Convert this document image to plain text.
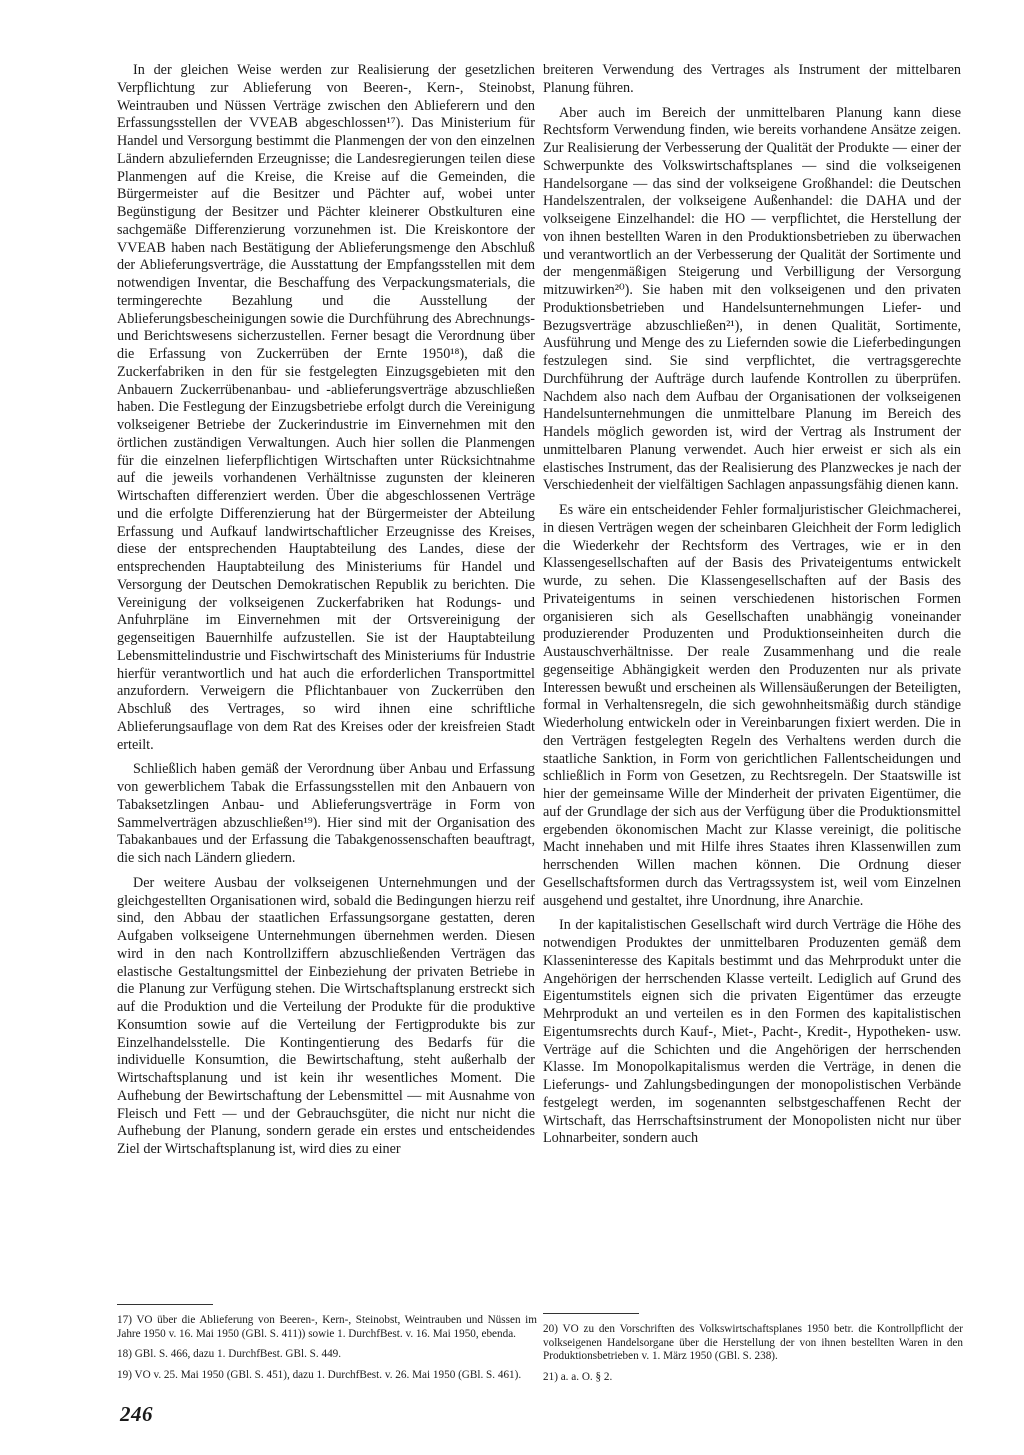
In der gleichen Weise werden zur Realisierung der gesetzlichen Verpflichtung zur Ablieferung von Beeren-, Kern-, Steinobst, Weintrauben und Nüssen Verträge zwischen den Ablieferern und den Erfassungsstellen der VVEAB abgeschlossen¹⁷). Das Ministerium für Handel und Versorgung bestimmt die Planmengen der von den einzelnen Ländern abzuliefernden Erzeugnisse; die Landesregierungen teilen diese Planmengen auf die Kreise, die Kreise auf die Gemeinden, die Bürgermeister auf die Besitzer und Pächter auf, wobei unter Begünstigung der Besitzer und Pächter kleinerer Obstkulturen eine sachgemäße Differenzierung vorzunehmen ist. Die Kreiskontore der VVEAB haben nach Bestätigung der Ablieferungsmenge den Abschluß der Ablieferungsverträge, die Ausstattung der Empfangsstellen mit dem notwendigen Inventar, die Beschaffung des Verpackungsmaterials, die termingerechte Bezahlung und die Ausstellung der Ablieferungsbescheinigungen sowie die Durchführung des Abrechnungs- und Berichtswesens sicherzustellen. Ferner besagt die Verordnung über die Erfassung von Zuckerrüben der Ernte 1950¹⁸), daß die Zuckerfabriken in den für sie festgelegten Einzugsgebieten mit den Anbauern Zuckerrübenanbau- und -ablieferungsverträge abzuschließen haben. Die Festlegung der Einzugsbetriebe erfolgt durch die Vereinigung volkseigener Betriebe der Zuckerindustrie im Einvernehmen mit den örtlichen zuständigen Verwaltungen. Auch hier sollen die Planmengen für die einzelnen lieferpflichtigen Wirtschaften unter Rücksichtnahme auf die jeweils vorhandenen Verhältnisse zugunsten der kleineren Wirtschaften differenziert werden. Über die abgeschlossenen Verträge und die erfolgte Differenzierung hat der Bürgermeister der Abteilung Erfassung und Aufkauf landwirtschaftlicher Erzeugnisse des Kreises, diese der entsprechenden Hauptabteilung des Landes, diese der entsprechenden Hauptabteilung des Ministeriums für Handel und Versorgung der Deutschen Demokratischen Republik zu berichten. Die Vereinigung der volkseigenen Zuckerfabriken hat Rodungs- und Anfuhrpläne im Einvernehmen mit der Ortsvereinigung der gegenseitigen Bauernhilfe aufzustellen. Sie ist der Hauptabteilung Lebensmittelindustrie und Fischwirtschaft des Ministeriums für Industrie hierfür verantwortlich und hat auch die erforderlichen Transportmittel anzufordern. Verweigern die Pflichtanbauer von Zuckerrüben den Abschluß des Vertrages, so wird ihnen eine schriftliche Ablieferungsauflage von dem Rat des Kreises oder der kreisfreien Stadt erteilt.

Schließlich haben gemäß der Verordnung über Anbau und Erfassung von gewerblichem Tabak die Erfassungsstellen mit den Anbauern von Tabaksetzlingen Anbau- und Ablieferungsverträge in Form von Sammelverträgen abzuschließen¹⁹). Hier sind mit der Organisation des Tabakanbaues und der Erfassung die Tabakgenossenschaften beauftragt, die sich nach Ländern gliedern.

Der weitere Ausbau der volkseigenen Unternehmungen und der gleichgestellten Organisationen wird, sobald die Bedingungen hierzu reif sind, den Abbau der staatlichen Erfassungsorgane gestatten, deren Aufgaben volkseigene Unternehmungen übernehmen werden. Diesen wird in den nach Kontrollziffern abzuschließenden Verträgen das elastische Gestaltungsmittel der Einbeziehung der privaten Betriebe in die Planung zur Verfügung stehen. Die Wirtschaftsplanung erstreckt sich auf die Produktion und die Verteilung der Produkte für die produktive Konsumtion sowie auf die Verteilung der Fertigprodukte bis zur Einzelhandelsstelle. Die Kontingentierung des Bedarfs für die individuelle Konsumtion, die Bewirtschaftung, steht außerhalb der Wirtschaftsplanung und ist kein ihr wesentliches Moment. Die Aufhebung der Bewirtschaftung der Lebensmittel — mit Ausnahme von Fleisch und Fett — und der Gebrauchsgüter, die nicht nur nicht die Aufhebung der Planung, sondern gerade ein erstes und entscheidendes Ziel der Wirtschaftsplanung ist, wird dies zu einer

breiteren Verwendung des Vertrages als Instrument der mittelbaren Planung führen.

Aber auch im Bereich der unmittelbaren Planung kann diese Rechtsform Verwendung finden, wie bereits vorhandene Ansätze zeigen. Zur Realisierung der Verbesserung der Qualität der Produkte — einer der Schwerpunkte des Volkswirtschaftsplanes — sind die volkseigenen Handelsorgane — das sind der volkseigene Großhandel: die Deutschen Handelszentralen, der volkseigene Außenhandel: die DAHA und der volkseigene Einzelhandel: die HO — verpflichtet, die Herstellung der von ihnen bestellten Waren in den Produktionsbetrieben zu überwachen und verantwortlich an der Verbesserung der Qualität der Sortimente und der mengenmäßigen Steigerung und Verbilligung der Versorgung mitzuwirken²⁰). Sie haben mit den volkseigenen und den privaten Produktionsbetrieben und Handelsunternehmungen Liefer- und Bezugsverträge abzuschließen²¹), in denen Qualität, Sortimente, Ausführung und Menge des zu Liefernden sowie die Lieferbedingungen festzulegen sind. Sie sind verpflichtet, die vertragsgerechte Durchführung der Aufträge durch laufende Kontrollen zu überprüfen. Nachdem also nach dem Aufbau der Organisationen der volkseigenen Handelsunternehmungen die unmittelbare Planung im Bereich des Handels möglich geworden ist, wird der Vertrag als Instrument der unmittelbaren Planung verwendet. Auch hier erweist er sich als ein elastisches Instrument, das der Realisierung des Planzweckes je nach der Verschiedenheit der vielfältigen Sachlagen anpassungsfähig dienen kann.

Es wäre ein entscheidender Fehler formaljuristischer Gleichmacherei, in diesen Verträgen wegen der scheinbaren Gleichheit der Form lediglich die Wiederkehr der Rechtsform des Vertrages, wie er in den Klassengesellschaften auf der Basis des Privateigentums entwickelt wurde, zu sehen. Die Klassengesellschaften auf der Basis des Privateigentums in seinen verschiedenen historischen Formen organisieren sich als Gesellschaften unabhängig voneinander produzierender Produzenten und Produktionseinheiten durch die Austauschverhältnisse. Der reale Zusammenhang und die reale gegenseitige Abhängigkeit werden den Produzenten nur als private Interessen bewußt und erscheinen als Willensäußerungen der Beteiligten, formal in Verhaltensregeln, die sich gewohnheitsmäßig durch ständige Wiederholung entwickeln oder in Vereinbarungen fixiert werden. Die in den Verträgen festgelegten Regeln des Verhaltens werden durch die staatliche Sanktion, in Form von gerichtlichen Fallentscheidungen und schließlich in Form von Gesetzen, zu Rechtsregeln. Der Staatswille ist hier der gemeinsame Wille der Minderheit der privaten Eigentümer, die auf der Grundlage der sich aus der Verfügung über die Produktionsmittel ergebenden ökonomischen Macht zur Klasse vereinigt, die politische Macht innehaben und mit Hilfe ihres Staates ihren Klassenwillen zum herrschenden Willen machen können. Die Ordnung dieser Gesellschaftsformen durch das Vertragssystem ist, weil vom Einzelnen ausgehend und gestaltet, ihre Unordnung, ihre Anarchie.

In der kapitalistischen Gesellschaft wird durch Verträge die Höhe des notwendigen Produktes der unmittelbaren Produzenten gemäß dem Klasseninteresse des Kapitals bestimmt und das Mehrprodukt unter die Angehörigen der herrschenden Klasse verteilt. Lediglich auf Grund des Eigentumstitels eignen sich die privaten Eigentümer das erzeugte Mehrprodukt an und verteilen es in den Formen des kapitalistischen Eigentumsrechts durch Kauf-, Miet-, Pacht-, Kredit-, Hypotheken- usw. Verträge auf die Schichten und die Angehörigen der herrschenden Klasse. Im Monopolkapitalismus werden die Verträge, in denen die Lieferungs- und Zahlungsbedingungen der monopolistischen Verbände festgelegt werden, im sogenannten selbstgeschaffenen Recht der Wirtschaft, das Herrschaftsinstrument der Monopolisten nicht nur über Lohnarbeiter, sondern auch

17) VO über die Ablieferung von Beeren-, Kern-, Steinobst, Weintrauben und Nüssen im Jahre 1950 v. 16. Mai 1950 (GBl. S. 411)) sowie 1. DurchfBest. v. 16. Mai 1950, ebenda.

18) GBl. S. 466, dazu 1. DurchfBest. GBl. S. 449.

19) VO v. 25. Mai 1950 (GBl. S. 451), dazu 1. DurchfBest. v. 26. Mai 1950 (GBl. S. 461).

20) VO zu den Vorschriften des Volkswirtschaftsplanes 1950 betr. die Kontrollpflicht der volkseigenen Handelsorgane über die Herstellung der von ihnen bestellten Waren in den Produktionsbetrieben v. 1. März 1950 (GBl. S. 238).

21) a. a. O. § 2.

246
